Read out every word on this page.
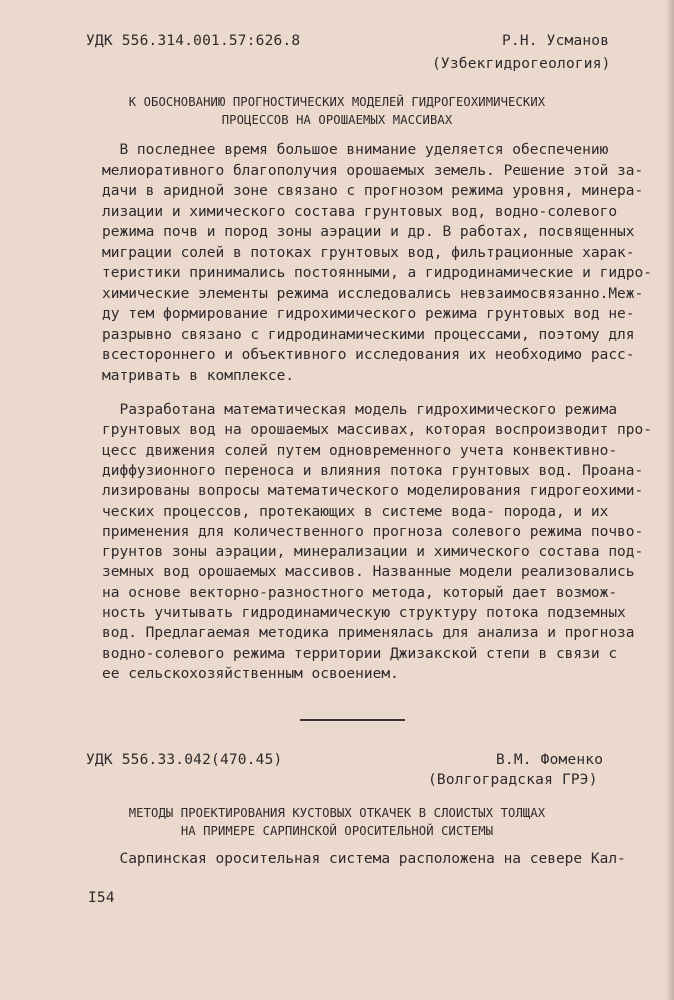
УДК 556.314.001.57:626.8	Р.Н. Усманов
(Узбекгидрогеология)
К ОБОСНОВАНИЮ ПРОГНОСТИЧЕСКИХ МОДЕЛЕЙ ГИДРОГЕОХИМИЧЕСКИХ
ПРОЦЕССОВ НА ОРОШАЕМЫХ МАССИВАХ
В последнее время большое внимание уделяется обеспечению
мелиоративного благополучия орошаемых земель. Решение этой за-
дачи в аридной зоне связано с прогнозом режима уровня, минера-
лизации и химического состава грунтовых вод, водно-солевого
режима почв и пород зоны аэрации и др. В работах, посвященных
миграции солей в потоках грунтовых вод, фильтрационные харак-
теристики принимались постоянными, а гидродинамические и гидро-
химические элементы режима исследовались невзаимосвязанно.Меж-
ду тем формирование гидрохимического режима грунтовых вод не-
разрывно связано с гидродинамическими процессами, поэтому для
всестороннего и объективного исследования их необходимо расс-
матривать в комплексе.
Разработана математическая модель гидрохимического режима
грунтовых вод на орошаемых массивах, которая воспроизводит про-
цесс движения солей путем одновременного учета конвективно-
диффузионного переноса и влияния потока грунтовых вод. Проана-
лизированы вопросы математического моделирования гидрогеохими-
ческих процессов, протекающих в системе вода- порода, и их
применения для количественного прогноза солевого режима почво-
грунтов зоны аэрации, минерализации и химического состава под-
земных вод орошаемых массивов. Названные модели реализовались
на основе векторно-разностного метода, который дает возмож-
ность учитывать гидродинамическую структуру потока подземных
вод. Предлагаемая методика применялась для анализа и прогноза
водно-солевого режима территории Джизакской степи в связи с
ее сельскохозяйственным освоением.
УДК 556.33.042(470.45)	В.М. Фоменко
(Волгоградская ГРЭ)
МЕТОДЫ ПРОЕКТИРОВАНИЯ КУСТОВЫХ ОТКАЧЕК В СЛОИСТЫХ ТОЛЩАХ
НА ПРИМЕРЕ САРПИНСКОЙ ОРОСИТЕЛЬНОЙ СИСТЕМЫ
Сарпинская оросительная система расположена на севере Кал-
I54
